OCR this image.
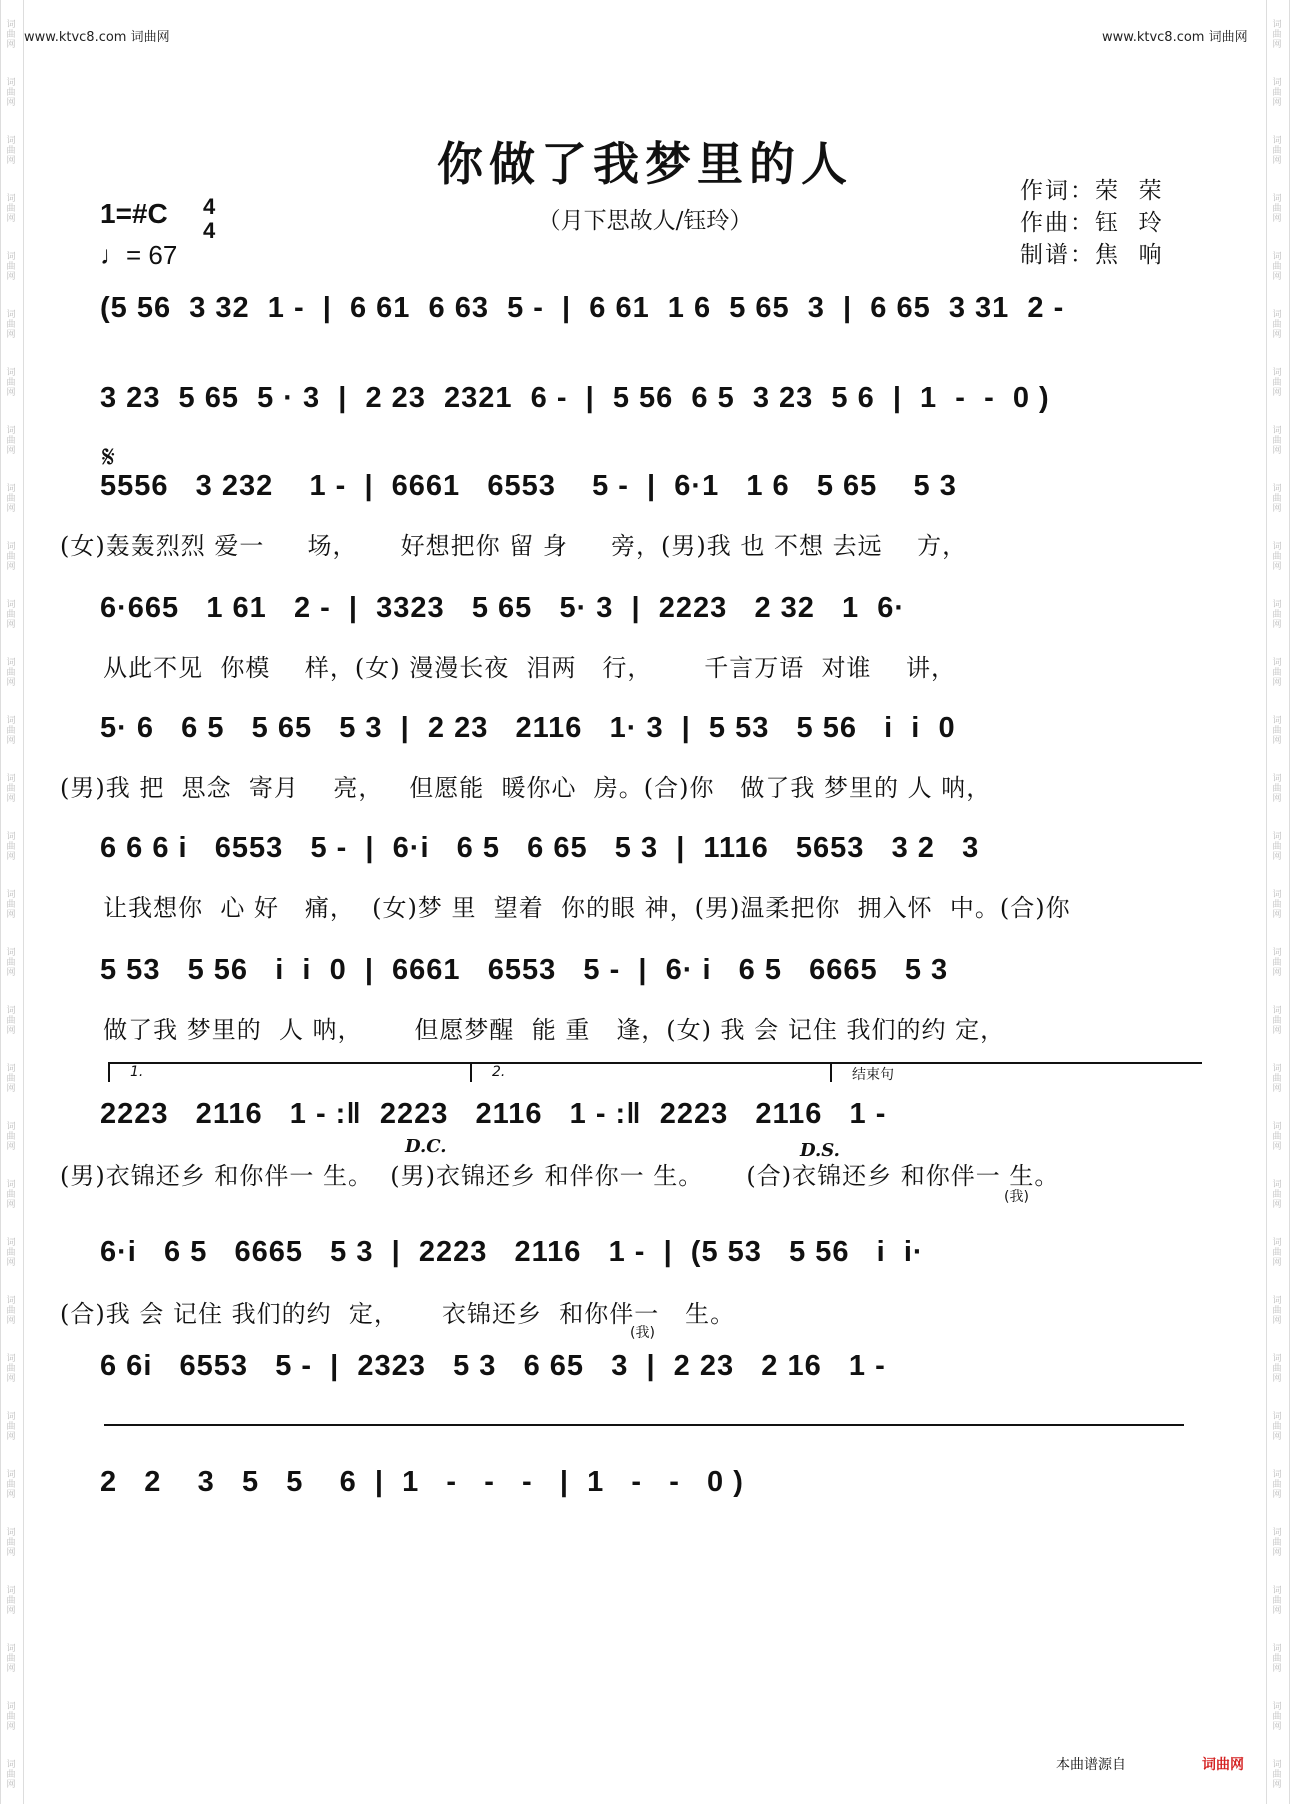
词曲网
词曲网
词曲网
词曲网
词曲网
词曲网
词曲网
词曲网
词曲网
词曲网
词曲网
词曲网
词曲网
词曲网
词曲网
词曲网
词曲网
词曲网
词曲网
词曲网
词曲网
词曲网
词曲网
词曲网
词曲网
词曲网
词曲网
词曲网
词曲网
词曲网
词曲网
词曲网
词曲网
词曲网
词曲网
词曲网
词曲网
词曲网
词曲网
词曲网
词曲网
词曲网
词曲网
词曲网
词曲网
词曲网
词曲网
词曲网
词曲网
词曲网
词曲网
词曲网
词曲网
词曲网
词曲网
词曲网
词曲网
词曲网
词曲网
词曲网
词曲网
词曲网
www.ktvc8.com 词曲网	www.ktvc8.com 词曲网
你做了我梦里的人
（月下思故人/钰玲）
作词：荣  荣
作曲：钰  玲
制谱：焦  响
1=#C 4
4
♩= 67
𝄋
1.	2.	结束句
D.C.	D.S.
(我)
(我)
(5 56  3 32  1 -  |  6 61  6 63  5 -  |  6 61  1 6  5 65  3  |  6 65  3 31  2 -
3 23  5 65  5 · 3  |  2 23  2321  6 -  |  5 56  6 5  3 23  5 6  |  1  -  -  0 )
5556   3 232    1 -  |  6661   6553    5 -  |  6·1   1 6   5 65    5 3
(女)轰轰烈烈 爱一     场，     好想把你 留 身     旁，(男)我 也 不想 去远    方，
6·665   1 61   2 -  |  3323   5 65   5· 3  |  2223   2 32   1  6·
从此不见  你模    样，(女) 漫漫长夜  泪两   行，      千言万语  对谁    讲，
5· 6   6 5   5 65   5 3  |  2 23   2116   1· 3  |  5 53   5 56   i  i  0
(男)我 把  思念  寄月    亮，   但愿能  暖你心  房。(合)你   做了我 梦里的 人 呐，
6 6 6 i   6553   5 -  |  6·i   6 5   6 65   5 3  |  1116   5653   3 2   3
让我想你  心 好   痛，  (女)梦 里  望着  你的眼 神，(男)温柔把你  拥入怀  中。(合)你
5 53   5 56   i  i  0  |  6661   6553   5 -  |  6· i   6 5   6665   5 3
做了我 梦里的  人 呐，      但愿梦醒  能 重   逢，(女) 我 会 记住 我们的约 定，
2223   2116   1 - :‖  2223   2116   1 - :‖  2223   2116   1 -
(男)衣锦还乡 和你伴一 生。  (男)衣锦还乡 和伴你一 生。     (合)衣锦还乡 和你伴一 生。
6·i   6 5   6665   5 3  |  2223   2116   1 -  |  (5 53   5 56   i  i·
(合)我 会 记住 我们的约  定，     衣锦还乡  和你伴一   生。
6 6i   6553   5 -  |  2323   5 3   6 65   3  |  2 23   2 16   1 -
2   2    3   5   5    6  |  1   -   -   -   |  1   -   -   0 )
本曲谱源自	词曲网
